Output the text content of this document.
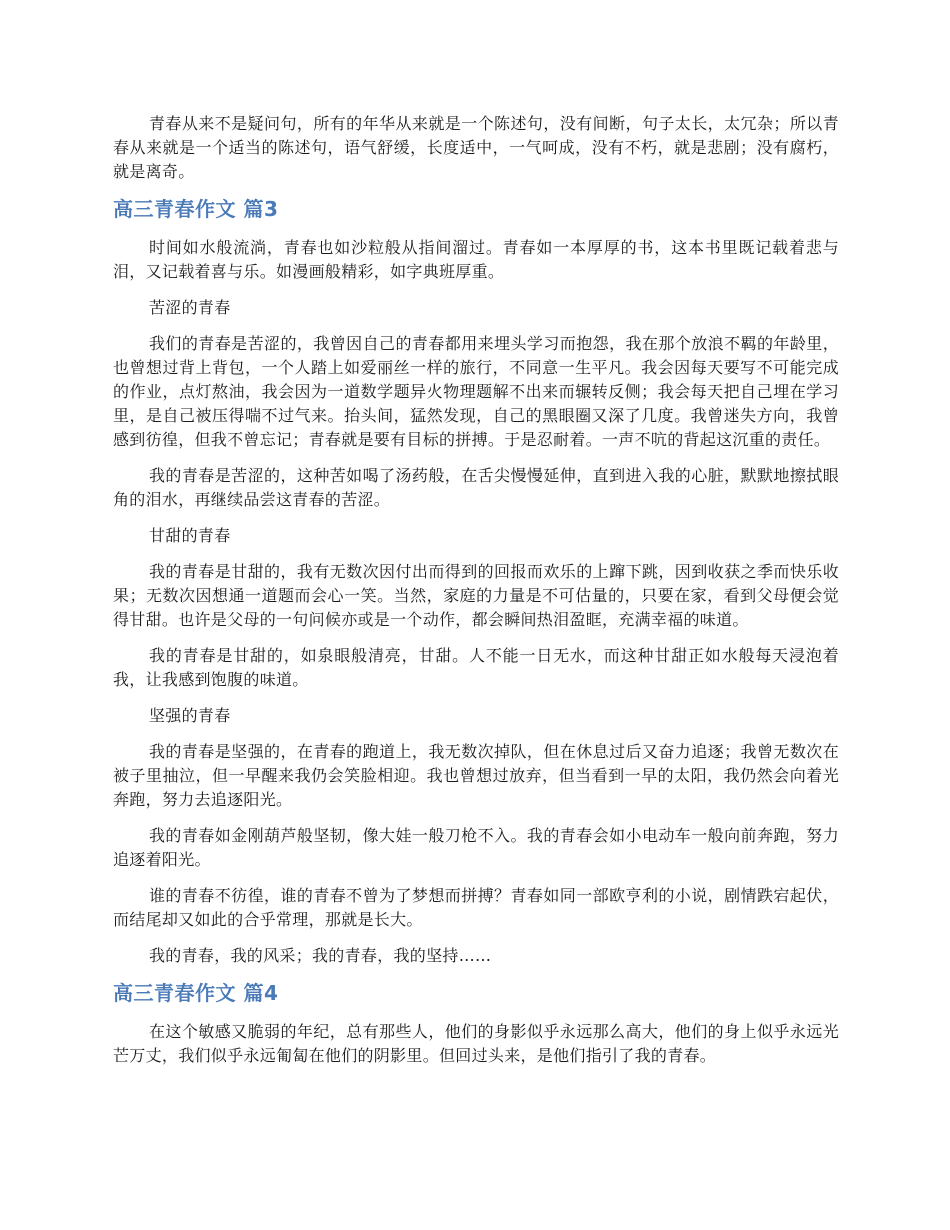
青春从来不是疑问句，所有的年华从来就是一个陈述句，没有间断，句子太长，太冗杂；所以青春从来就是一个适当的陈述句，语气舒缓，长度适中，一气呵成，没有不朽，就是悲剧；没有腐朽，就是离奇。

高三青春作文 篇3

时间如水般流淌，青春也如沙粒般从指间溜过。青春如一本厚厚的书，这本书里既记载着悲与泪，又记载着喜与乐。如漫画般精彩，如字典班厚重。

苦涩的青春

我们的青春是苦涩的，我曾因自己的青春都用来埋头学习而抱怨，我在那个放浪不羁的年龄里，也曾想过背上背包，一个人踏上如爱丽丝一样的旅行，不同意一生平凡。我会因每天要写不可能完成的作业，点灯熬油，我会因为一道数学题异火物理题解不出来而辗转反侧；我会每天把自己埋在学习里，是自己被压得喘不过气来。抬头间，猛然发现，自己的黑眼圈又深了几度。我曾迷失方向，我曾感到彷徨，但我不曾忘记；青春就是要有目标的拼搏。于是忍耐着。一声不吭的背起这沉重的责任。

我的青春是苦涩的，这种苦如喝了汤药般，在舌尖慢慢延伸，直到进入我的心脏，默默地擦拭眼角的泪水，再继续品尝这青春的苦涩。

甘甜的青春

我的青春是甘甜的，我有无数次因付出而得到的回报而欢乐的上蹿下跳，因到收获之季而快乐收果；无数次因想通一道题而会心一笑。当然，家庭的力量是不可估量的，只要在家，看到父母便会觉得甘甜。也许是父母的一句问候亦或是一个动作，都会瞬间热泪盈眶，充满幸福的味道。

我的青春是甘甜的，如泉眼般清亮，甘甜。人不能一日无水，而这种甘甜正如水般每天浸泡着我，让我感到饱腹的味道。

坚强的青春

我的青春是坚强的，在青春的跑道上，我无数次掉队，但在休息过后又奋力追逐；我曾无数次在被子里抽泣，但一早醒来我仍会笑脸相迎。我也曾想过放弃，但当看到一早的太阳，我仍然会向着光奔跑，努力去追逐阳光。

我的青春如金刚葫芦般坚韧，像大娃一般刀枪不入。我的青春会如小电动车一般向前奔跑，努力追逐着阳光。

谁的青春不彷徨，谁的青春不曾为了梦想而拼搏？青春如同一部欧亨利的小说，剧情跌宕起伏，而结尾却又如此的合乎常理，那就是长大。

我的青春，我的风采；我的青春，我的坚持……

高三青春作文 篇4

在这个敏感又脆弱的年纪，总有那些人，他们的身影似乎永远那么高大，他们的身上似乎永远光芒万丈，我们似乎永远匍匐在他们的阴影里。但回过头来，是他们指引了我的青春。
